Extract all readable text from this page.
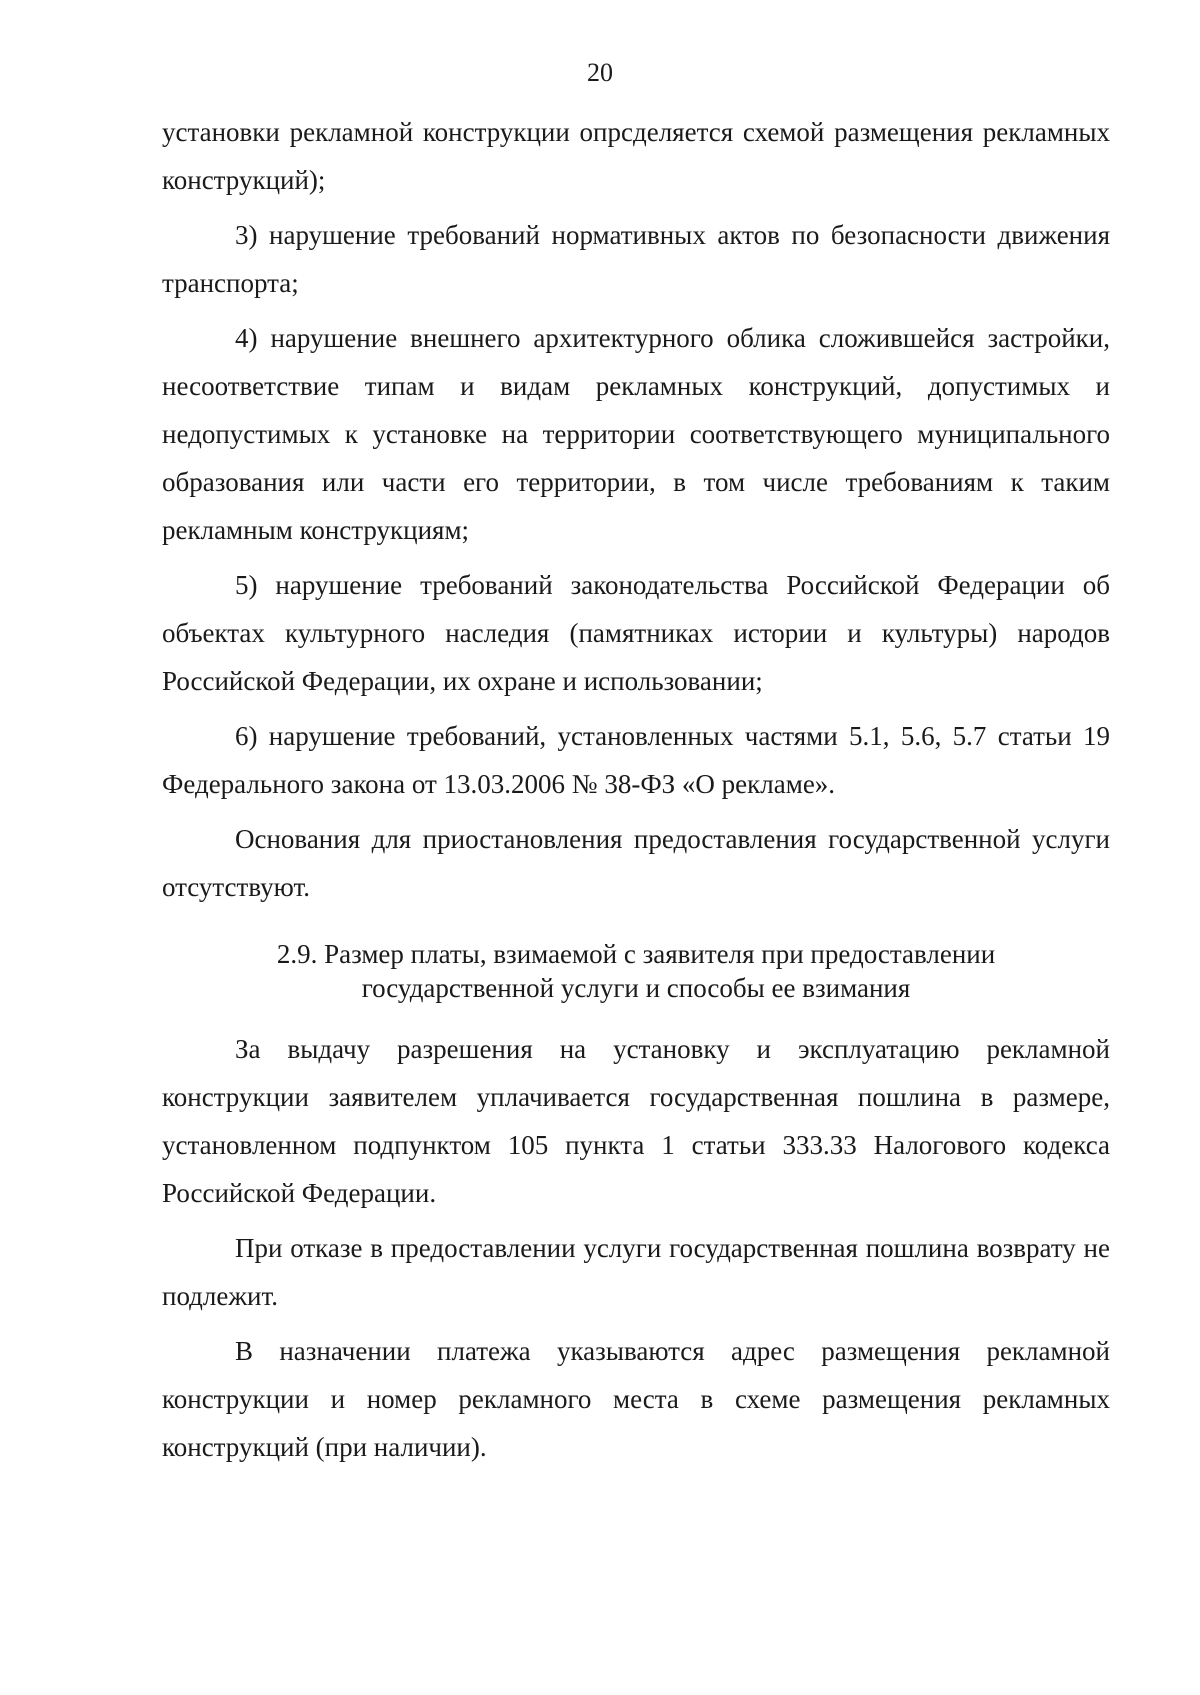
20

установки рекламной конструкции опрсделяется схемой размещения рекламных конструкций);

3) нарушение требований нормативных актов по безопасности движения транспорта;

4) нарушение внешнего архитектурного облика сложившейся застройки, несоответствие типам и видам рекламных конструкций, допустимых и недопустимых к установке на территории соответствующего муниципального образования или части его территории, в том числе требованиям к таким рекламным конструкциям;

5) нарушение требований законодательства Российской Федерации об объектах культурного наследия (памятниках истории и культуры) народов Российской Федерации, их охране и использовании;

6) нарушение требований, установленных частями 5.1, 5.6, 5.7 статьи 19 Федерального закона от 13.03.2006 № 38-ФЗ «О рекламе».

Основания для приостановления предоставления государственной услуги отсутствуют.

2.9. Размер платы, взимаемой с заявителя при предоставлении
государственной услуги и способы ее взимания

За выдачу разрешения на установку и эксплуатацию рекламной конструкции заявителем уплачивается государственная пошлина в размере, установленном подпунктом 105 пункта 1 статьи 333.33 Налогового кодекса Российской Федерации.

При отказе в предоставлении услуги государственная пошлина возврату не подлежит.

В назначении платежа указываются адрес размещения рекламной конструкции и номер рекламного места в схеме размещения рекламных конструкций (при наличии).
